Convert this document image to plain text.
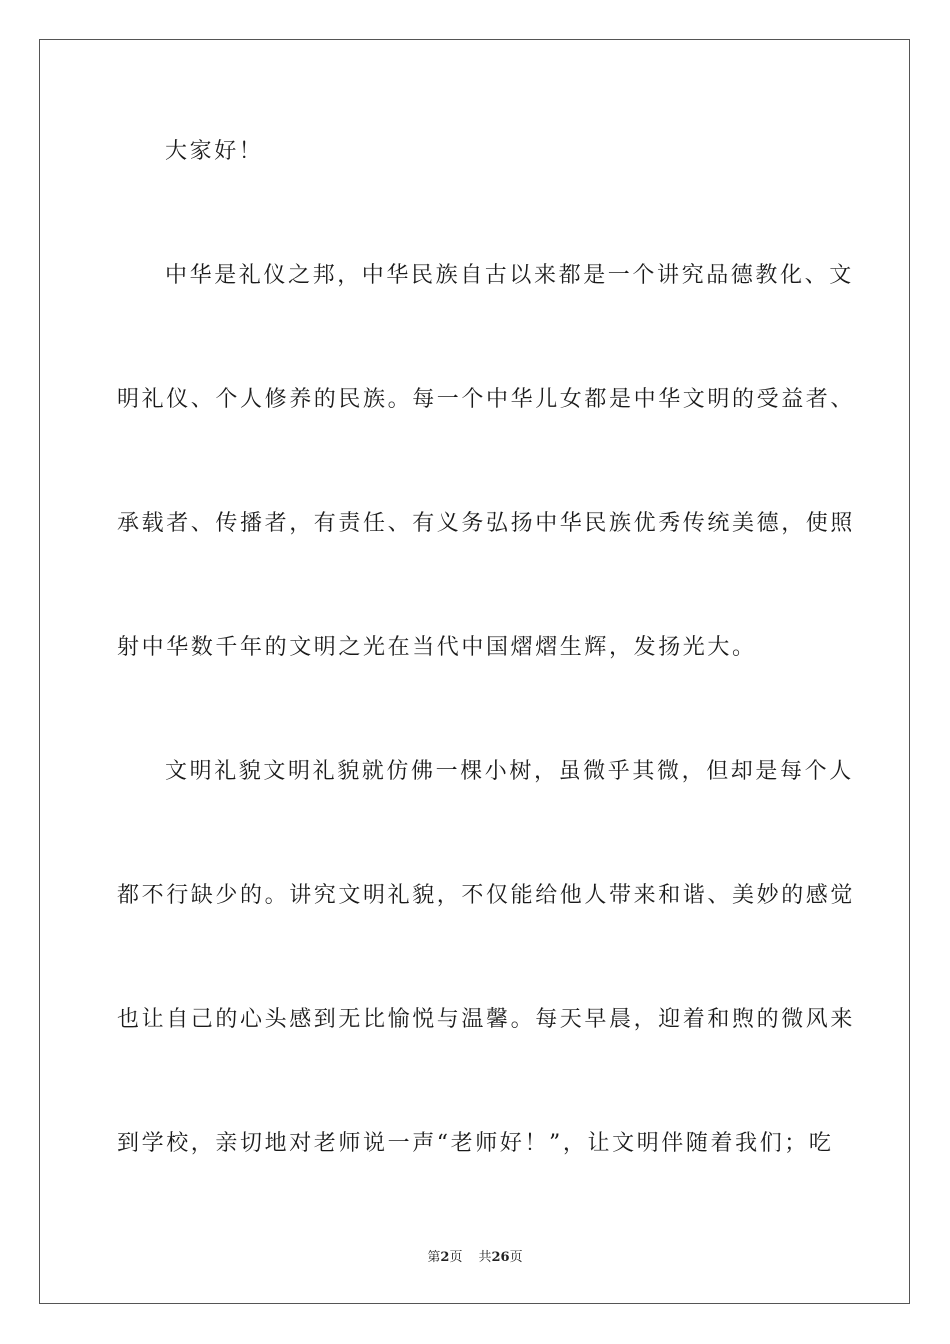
大家好！
中华是礼仪之邦，中华民族自古以来都是一个讲究品德教化、文
明礼仪、个人修养的民族。每一个中华儿女都是中华文明的受益者、
承载者、传播者，有责任、有义务弘扬中华民族优秀传统美德，使照
射中华数千年的文明之光在当代中国熠熠生辉，发扬光大。
文明礼貌文明礼貌就仿佛一棵小树，虽微乎其微，但却是每个人
都不行缺少的。讲究文明礼貌，不仅能给他人带来和谐、美妙的感觉
也让自己的心头感到无比愉悦与温馨。每天早晨，迎着和煦的微风来
到学校，亲切地对老师说一声“老师好！”，让文明伴随着我们；吃
第2页 共26页
